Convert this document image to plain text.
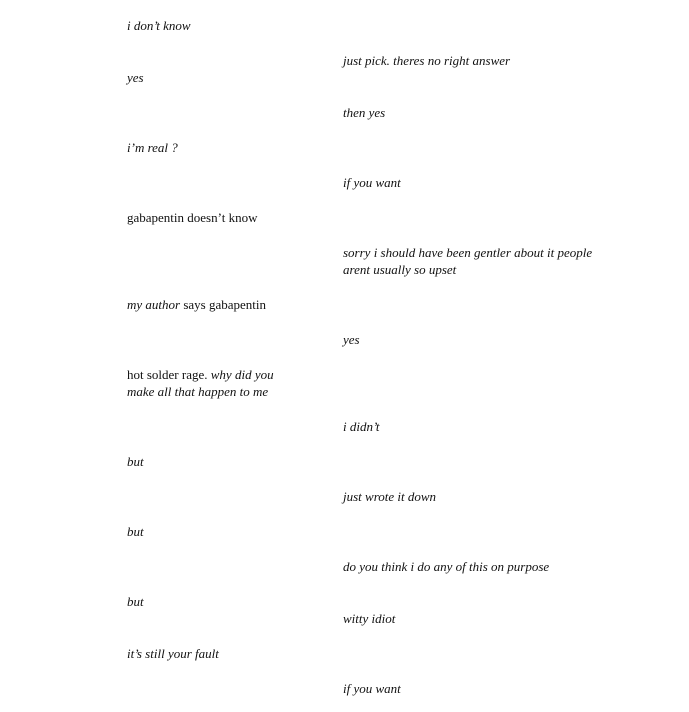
i don’t know

yes

i’m real ?

gabapentin doesn’t know

my author says gabapentin

hot solder rage. why did you make all that happen to me

but

but

but

it’s still your fault

just pick. theres no right answer

then yes

if you want

sorry i should have been gentler about it people arent usually so upset

yes

i didn’t

just wrote it down

do you think i do any of this on purpose

witty idiot

if you want
